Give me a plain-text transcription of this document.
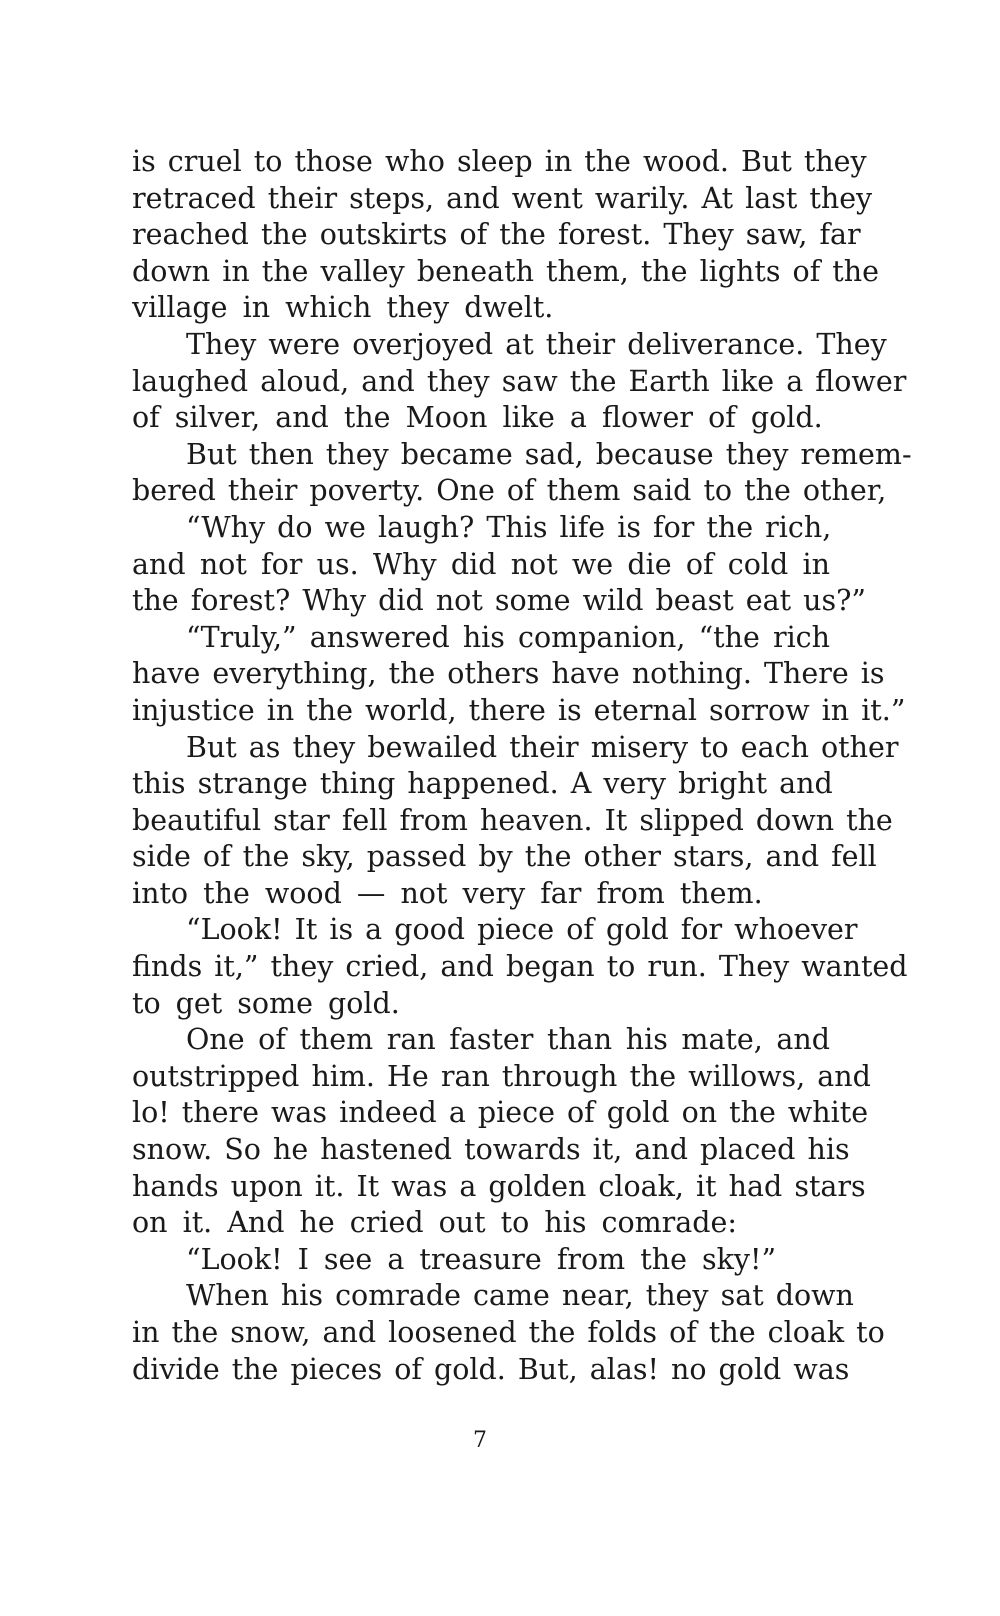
is cruel to those who sleep in the wood. But they
retraced their steps, and went warily. At last they
reached the outskirts of the forest. They saw, far
down in the valley beneath them, the lights of the
village in which they dwelt.
They were overjoyed at their deliverance. They
laughed aloud, and they saw the Earth like a flower
of silver, and the Moon like a flower of gold.
But then they became sad, because they remem-
bered their poverty. One of them said to the other,
“Why do we laugh? This life is for the rich,
and not for us. Why did not we die of cold in
the forest? Why did not some wild beast eat us?”
“Truly,” answered his companion, “the rich
have everything, the others have nothing. There is
injustice in the world, there is eternal sorrow in it.”
But as they bewailed their misery to each other
this strange thing happened. A very bright and
beautiful star fell from heaven. It slipped down the
side of the sky, passed by the other stars, and fell
into the wood — not very far from them.
“Look! It is a good piece of gold for whoever
finds it,” they cried, and began to run. They wanted
to get some gold.
One of them ran faster than his mate, and
outstripped him. He ran through the willows, and
lo! there was indeed a piece of gold on the white
snow. So he hastened towards it, and placed his
hands upon it. It was a golden cloak, it had stars
on it. And he cried out to his comrade:
“Look! I see a treasure from the sky!”
When his comrade came near, they sat down
in the snow, and loosened the folds of the cloak to
divide the pieces of gold. But, alas! no gold was
7
